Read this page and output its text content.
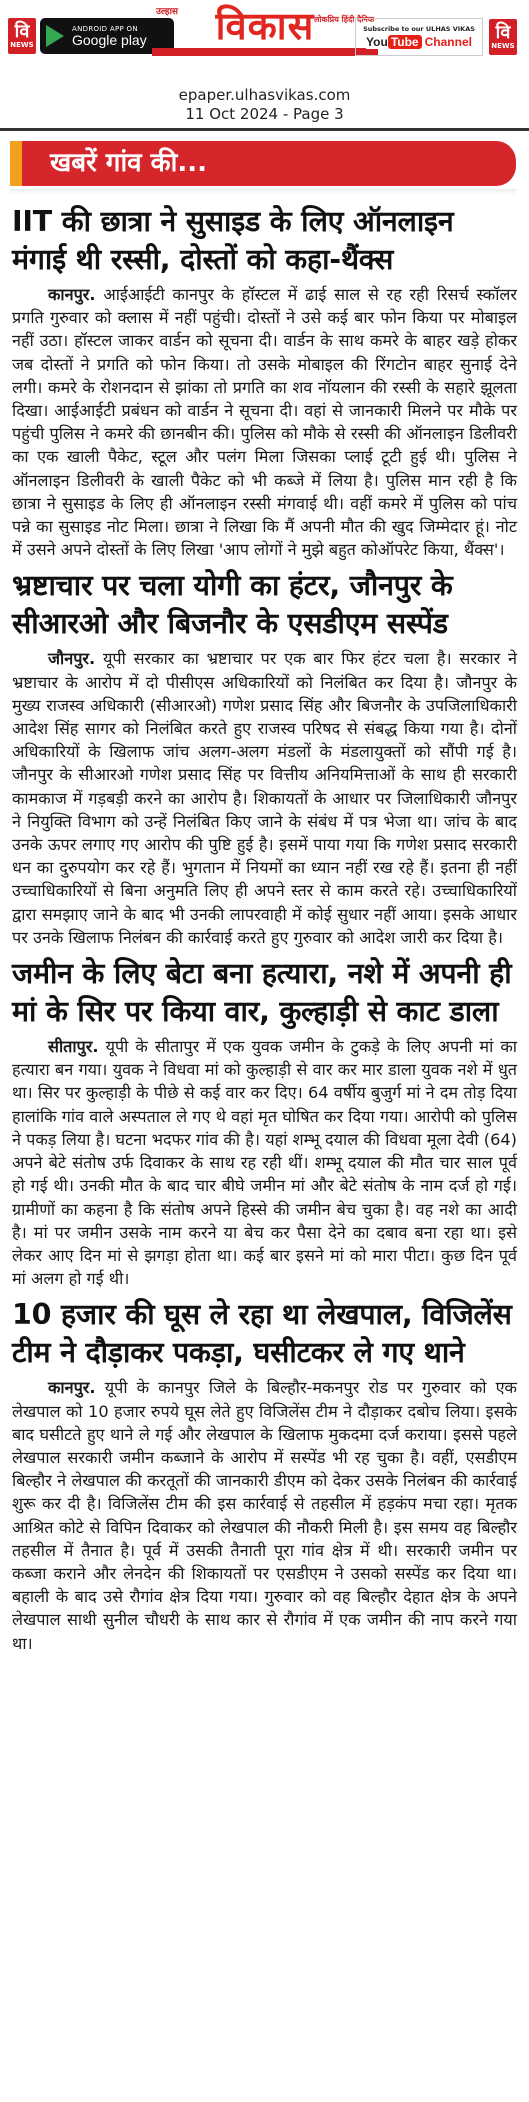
वि
NEWS
ANDROID APP ON
Google play	विकास
उल्हास
लोकप्रिय हिंदी दैनिक
Subscribe to our ULHAS VIKAS
You Tube Channel वि
NEWS
epaper.ulhasvikas.com
11 Oct 2024 - Page 3
खबरें गांव की...
IIT की छात्रा ने सुसाइड के लिए ऑनलाइन मंगाई थी रस्सी, दोस्तों को कहा-थैंक्स

कानपुर. आईआईटी कानपुर के हॉस्टल में ढाई साल से रह रही रिसर्च स्कॉलर प्रगति गुरुवार को क्लास में नहीं पहुंची। दोस्तों ने उसे कई बार फोन किया पर मोबाइल नहीं उठा। हॉस्टल जाकर वार्डन को सूचना दी। वार्डन के साथ कमरे के बाहर खड़े होकर जब दोस्तों ने प्रगति को फोन किया। तो उसके मोबाइल की रिंगटोन बाहर सुनाई देने लगी। कमरे के रोशनदान से झांका तो प्रगति का शव नॉयलान की रस्सी के सहारे झूलता दिखा। आईआईटी प्रबंधन को वार्डन ने सूचना दी। वहां से जानकारी मिलने पर मौके पर पहुंची पुलिस ने कमरे की छानबीन की। पुलिस को मौके से रस्सी की ऑनलाइन डिलीवरी का एक खाली पैकेट, स्टूल और पलंग मिला जिसका प्लाई टूटी हुई थी। पुलिस ने ऑनलाइन डिलीवरी के खाली पैकेट को भी कब्जे में लिया है। पुलिस मान रही है कि छात्रा ने सुसाइड के लिए ही ऑनलाइन रस्सी मंगवाई थी। वहीं कमरे में पुलिस को पांच पन्ने का सुसाइड नोट मिला। छात्रा ने लिखा कि मैं अपनी मौत की खुद जिम्मेदार हूं। नोट में उसने अपने दोस्तों के लिए लिखा 'आप लोगों ने मुझे बहुत कोऑपरेट किया, थैंक्स'।

भ्रष्टाचार पर चला योगी का हंटर, जौनपुर के सीआरओ और बिजनौर के एसडीएम सस्पेंड

जौनपुर. यूपी सरकार का भ्रष्टाचार पर एक बार फिर हंटर चला है। सरकार ने भ्रष्टाचार के आरोप में दो पीसीएस अधिकारियों को निलंबित कर दिया है। जौनपुर के मुख्य राजस्व अधिकारी (सीआरओ) गणेश प्रसाद सिंह और बिजनौर के उपजिलाधिकारी आदेश सिंह सागर को निलंबित करते हुए राजस्व परिषद से संबद्ध किया गया है। दोनों अधिकारियों के खिलाफ जांच अलग-अलग मंडलों के मंडलायुक्तों को सौंपी गई है। जौनपुर के सीआरओ गणेश प्रसाद सिंह पर वित्तीय अनियमित्ताओं के साथ ही सरकारी कामकाज में गड़बड़ी करने का आरोप है। शिकायतों के आधार पर जिलाधिकारी जौनपुर ने नियुक्ति विभाग को उन्हें निलंबित किए जाने के संबंध में पत्र भेजा था। जांच के बाद उनके ऊपर लगाए गए आरोप की पुष्टि हुई है। इसमें पाया गया कि गणेश प्रसाद सरकारी धन का दुरुपयोग कर रहे हैं। भुगतान में नियमों का ध्यान नहीं रख रहे हैं। इतना ही नहीं उच्चाधिकारियों से बिना अनुमति लिए ही अपने स्तर से काम करते रहे। उच्चाधिकारियों द्वारा समझाए जाने के बाद भी उनकी लापरवाही में कोई सुधार नहीं आया। इसके आधार पर उनके खिलाफ निलंबन की कार्रवाई करते हुए गुरुवार को आदेश जारी कर दिया है।

जमीन के लिए बेटा बना हत्यारा, नशे में अपनी ही मां के सिर पर किया वार, कुल्हाड़ी से काट डाला

सीतापुर. यूपी के सीतापुर में एक युवक जमीन के टुकड़े के लिए अपनी मां का हत्यारा बन गया। युवक ने विधवा मां को कुल्हाड़ी से वार कर मार डाला युवक नशे में धुत था। सिर पर कुल्हाड़ी के पीछे से कई वार कर दिए। 64 वर्षीय बुजुर्ग मां ने दम तोड़ दिया हालांकि गांव वाले अस्पताल ले गए थे वहां मृत घोषित कर दिया गया। आरोपी को पुलिस ने पकड़ लिया है। घटना भदफर गांव की है। यहां शम्भू दयाल की विधवा मूला देवी (64) अपने बेटे संतोष उर्फ दिवाकर के साथ रह रही थीं। शम्भू दयाल की मौत चार साल पूर्व हो गई थी। उनकी मौत के बाद चार बीघे जमीन मां और बेटे संतोष के नाम दर्ज हो गई। ग्रामीणों का कहना है कि संतोष अपने हिस्से की जमीन बेच चुका है। वह नशे का आदी है। मां पर जमीन उसके नाम करने या बेच कर पैसा देने का दबाव बना रहा था। इसे लेकर आए दिन मां से झगड़ा होता था। कई बार इसने मां को मारा पीटा। कुछ दिन पूर्व मां अलग हो गई थी।

10 हजार की घूस ले रहा था लेखपाल, विजिलेंस टीम ने दौड़ाकर पकड़ा, घसीटकर ले गए थाने

कानपुर. यूपी के कानपुर जिले के बिल्हौर-मकनपुर रोड पर गुरुवार को एक लेखपाल को 10 हजार रुपये घूस लेते हुए विजिलेंस टीम ने दौड़ाकर दबोच लिया। इसके बाद घसीटते हुए थाने ले गई और लेखपाल के खिलाफ मुकदमा दर्ज कराया। इससे पहले लेखपाल सरकारी जमीन कब्जाने के आरोप में सस्पेंड भी रह चुका है। वहीं, एसडीएम बिल्हौर ने लेखपाल की करतूतों की जानकारी डीएम को देकर उसके निलंबन की कार्रवाई शुरू कर दी है। विजिलेंस टीम की इस कार्रवाई से तहसील में हड़कंप मचा रहा। मृतक आश्रित कोटे से विपिन दिवाकर को लेखपाल की नौकरी मिली है। इस समय वह बिल्हौर तहसील में तैनात है। पूर्व में उसकी तैनाती पूरा गांव क्षेत्र में थी। सरकारी जमीन पर कब्जा कराने और लेनदेन की शिकायतों पर एसडीएम ने उसको सस्पेंड कर दिया था। बहाली के बाद उसे रौगांव क्षेत्र दिया गया। गुरुवार को वह बिल्हौर देहात क्षेत्र के अपने लेखपाल साथी सुनील चौधरी के साथ कार से रौगांव में एक जमीन की नाप करने गया था।
